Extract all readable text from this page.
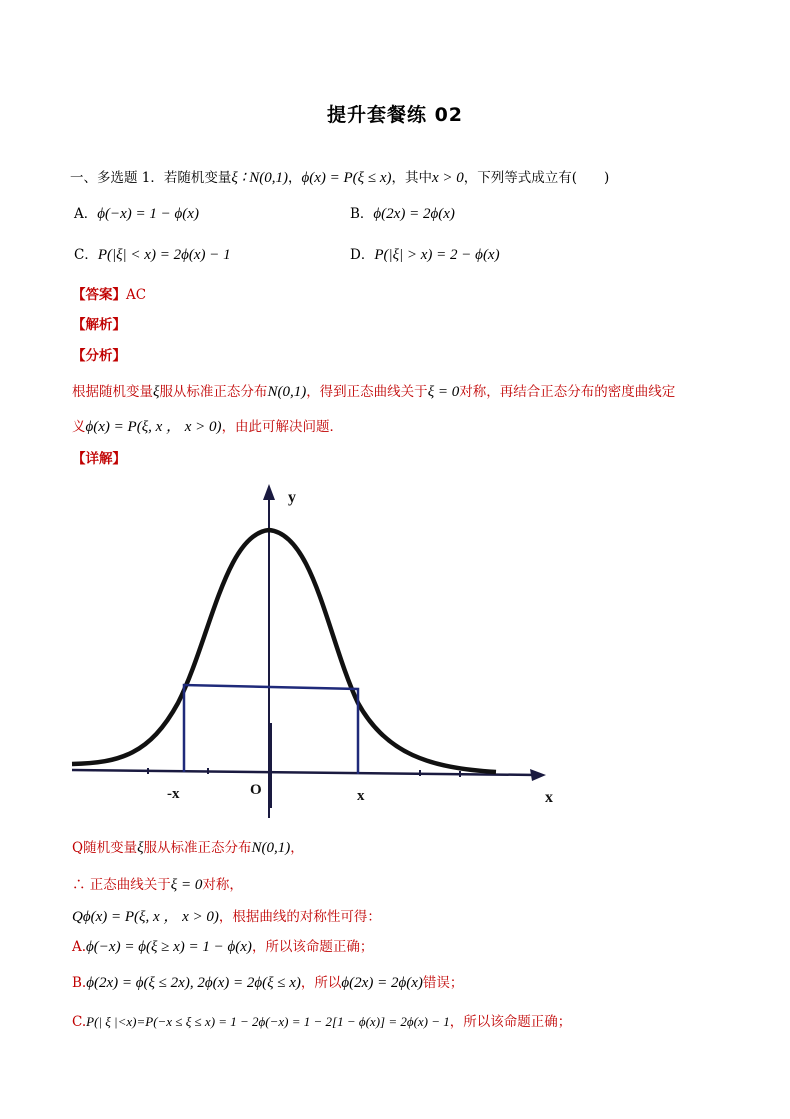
提升套餐练 02
一、多选题 1．若随机变量ξ ∶ N(0,1)，ϕ(x) = P(ξ ≤ x)，其中x > 0，下列等式成立有(　　)
A．ϕ(−x) = 1 − ϕ(x)	B．ϕ(2x) = 2ϕ(x)
C．P(|ξ| < x) = 2ϕ(x) − 1	D．P(|ξ| > x) = 2 − ϕ(x)
【答案】AC
【解析】
【分析】
根据随机变量ξ服从标准正态分布N(0,1)，得到正态曲线关于ξ = 0对称，再结合正态分布的密度曲线定
义ϕ(x) = P(ξ, x ， x > 0)，由此可解决问题．
【详解】
y
x
O
-x	x
Q随机变量ξ服从标准正态分布N(0,1)，
∴ 正态曲线关于ξ = 0对称，
Qϕ(x) = P(ξ, x ， x > 0)，根据曲线的对称性可得：
A.ϕ(−x) = ϕ(ξ ≥ x) = 1 − ϕ(x)，所以该命题正确；
B.ϕ(2x) = ϕ(ξ ≤ 2x), 2ϕ(x) = 2ϕ(ξ ≤ x)，所以ϕ(2x) = 2ϕ(x)错误；
C.P(| ξ |<x)=P(−x ≤ ξ ≤ x) = 1 − 2ϕ(−x) = 1 − 2[1 − ϕ(x)] = 2ϕ(x) − 1，所以该命题正确；
